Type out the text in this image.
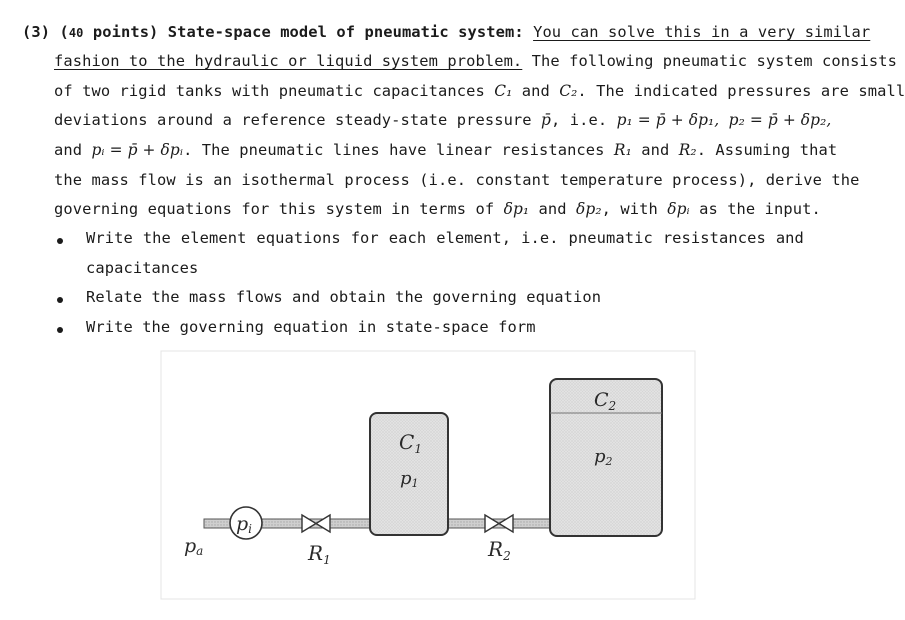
(3) (40 points) State-space model of pneumatic system: You can solve this in a very similar
fashion to the hydraulic or liquid system problem. The following pneumatic system consists
of two rigid tanks with pneumatic capacitances C₁ and C₂. The indicated pressures are small
deviations around a reference steady-state pressure p̄, i.e. p₁ = p̄ + δp₁, p₂ = p̄ + δp₂,
and pᵢ = p̄ + δpᵢ. The pneumatic lines have linear resistances R₁ and R₂. Assuming that
the mass flow is an isothermal process (i.e. constant temperature process), derive the
governing equations for this system in terms of δp₁ and δp₂, with δpᵢ as the input.
Write the element equations for each element, i.e. pneumatic resistances and
capacitances
Relate the mass flows and obtain the governing equation
Write the governing equation in state-space form
$C_1$
p1
$C_2$
p2
pi
pa	$R_1$	$R_2$
